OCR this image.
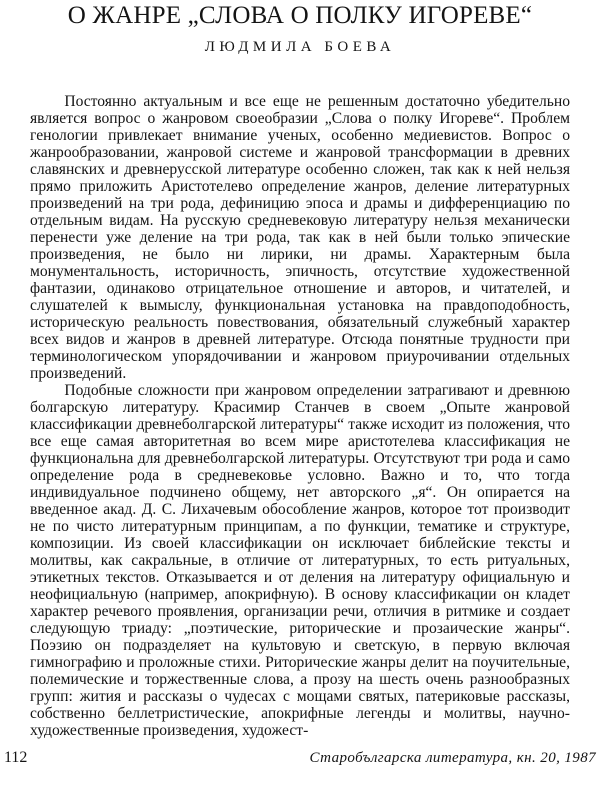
О ЖАНРЕ „СЛОВА О ПОЛКУ ИГОРЕВЕ“
ЛЮДМИЛА БОЕВА

Постоянно актуальным и все еще не решенным достаточно убедительно является вопрос о жанровом своеобразии „Слова о полку Игореве“. Проблем генологии привлекает внимание ученых, особенно медиевистов. Вопрос о жанрообразовании, жанровой системе и жанровой трансформации в древних славянских и древнерусской литературе особенно сложен, так как к ней нельзя прямо приложить Аристотелево определение жанров, деление литературных произведений на три рода, дефиницию эпоса и драмы и дифференциацию по отдельным видам. На русскую средневековую литературу нельзя механически перенести уже деление на три рода, так как в ней были только эпические произведения, не было ни лирики, ни драмы. Характерным была монументальность, историчность, эпичность, отсутствие художественной фантазии, одинаково отрицательное отношение и авторов, и читателей, и слушателей к вымыслу, функциональная установка на правдоподобность, историческую реальность повествования, обязательный служебный характер всех видов и жанров в древней литературе. Отсюда понятные трудности при терминологическом упорядочивании и жанровом приурочивании отдельных произведений.

Подобные сложности при жанровом определении затрагивают и древнюю болгарскую литературу. Красимир Станчев в своем „Опыте жанровой классификации древнеболгарской литературы“ также исходит из положения, что все еще самая авторитетная во всем мире аристотелева классификация не функциональна для древнеболгарской литературы. Отсутствуют три рода и само определение рода в средневековье условно. Важно и то, что тогда индивидуальное подчинено общему, нет авторского „я“. Он опирается на введенное акад. Д. С. Лихачевым обособление жанров, которое тот производит не по чисто литературным принципам, а по функции, тематике и структуре, композиции. Из своей классификации он исключает библейские тексты и молитвы, как сакральные, в отличие от литературных, то есть ритуальных, этикетных текстов. Отказывается и от деления на литературу официальную и неофициальную (например, апокрифную). В основу классификации он кладет характер речевого проявления, организации речи, отличия в ритмике и создает следующую триаду: „поэтические, риторические и прозаические жанры“. Поэзию он подразделяет на культовую и светскую, в первую включая гимнографию и проложные стихи. Риторические жанры делит на поучительные, полемические и торжественные слова, а прозу на шесть очень разнообразных групп: жития и рассказы о чудесах с мощами святых, патериковые рассказы, собственно беллетристические, апокрифные легенды и молитвы, научно-художественные произведения, художест-

112	Старобългарска литература, кн. 20, 1987
